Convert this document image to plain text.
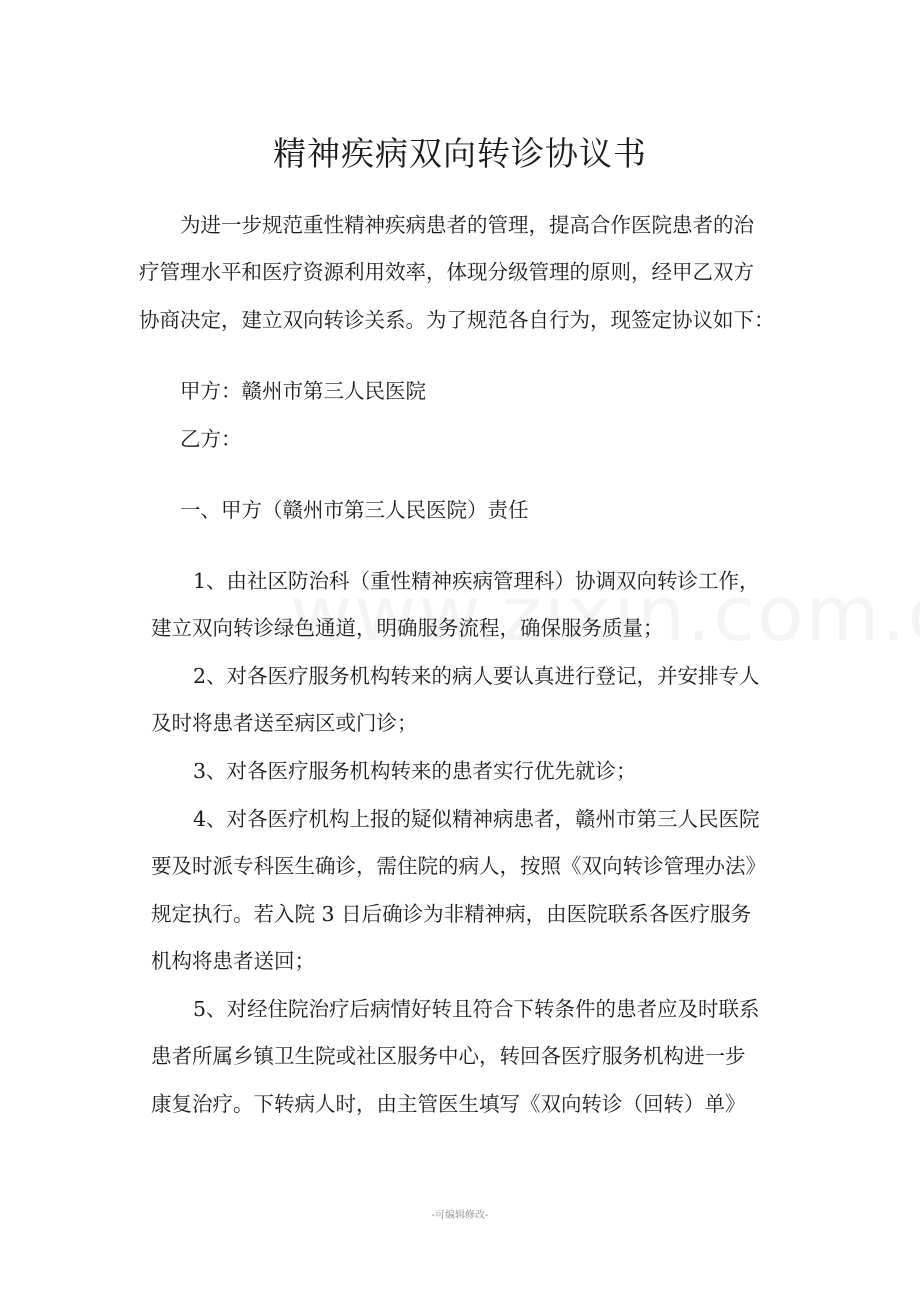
精神疾病双向转诊协议书
为进一步规范重性精神疾病患者的管理，提高合作医院患者的治
疗管理水平和医疗资源利用效率，体现分级管理的原则，经甲乙双方
协商决定，建立双向转诊关系。为了规范各自行为，现签定协议如下：
甲方：赣州市第三人民医院
乙方：
一、甲方（赣州市第三人民医院）责任
1、由社区防治科（重性精神疾病管理科）协调双向转诊工作，
建立双向转诊绿色通道，明确服务流程，确保服务质量；
2、对各医疗服务机构转来的病人要认真进行登记，并安排专人
及时将患者送至病区或门诊；
3、对各医疗服务机构转来的患者实行优先就诊；
4、对各医疗机构上报的疑似精神病患者，赣州市第三人民医院
要及时派专科医生确诊，需住院的病人，按照《双向转诊管理办法》
规定执行。若入院 3 日后确诊为非精神病，由医院联系各医疗服务
机构将患者送回；
5、对经住院治疗后病情好转且符合下转条件的患者应及时联系
患者所属乡镇卫生院或社区服务中心，转回各医疗服务机构进一步
康复治疗。下转病人时，由主管医生填写《双向转诊（回转）单》
-可编辑修改-
